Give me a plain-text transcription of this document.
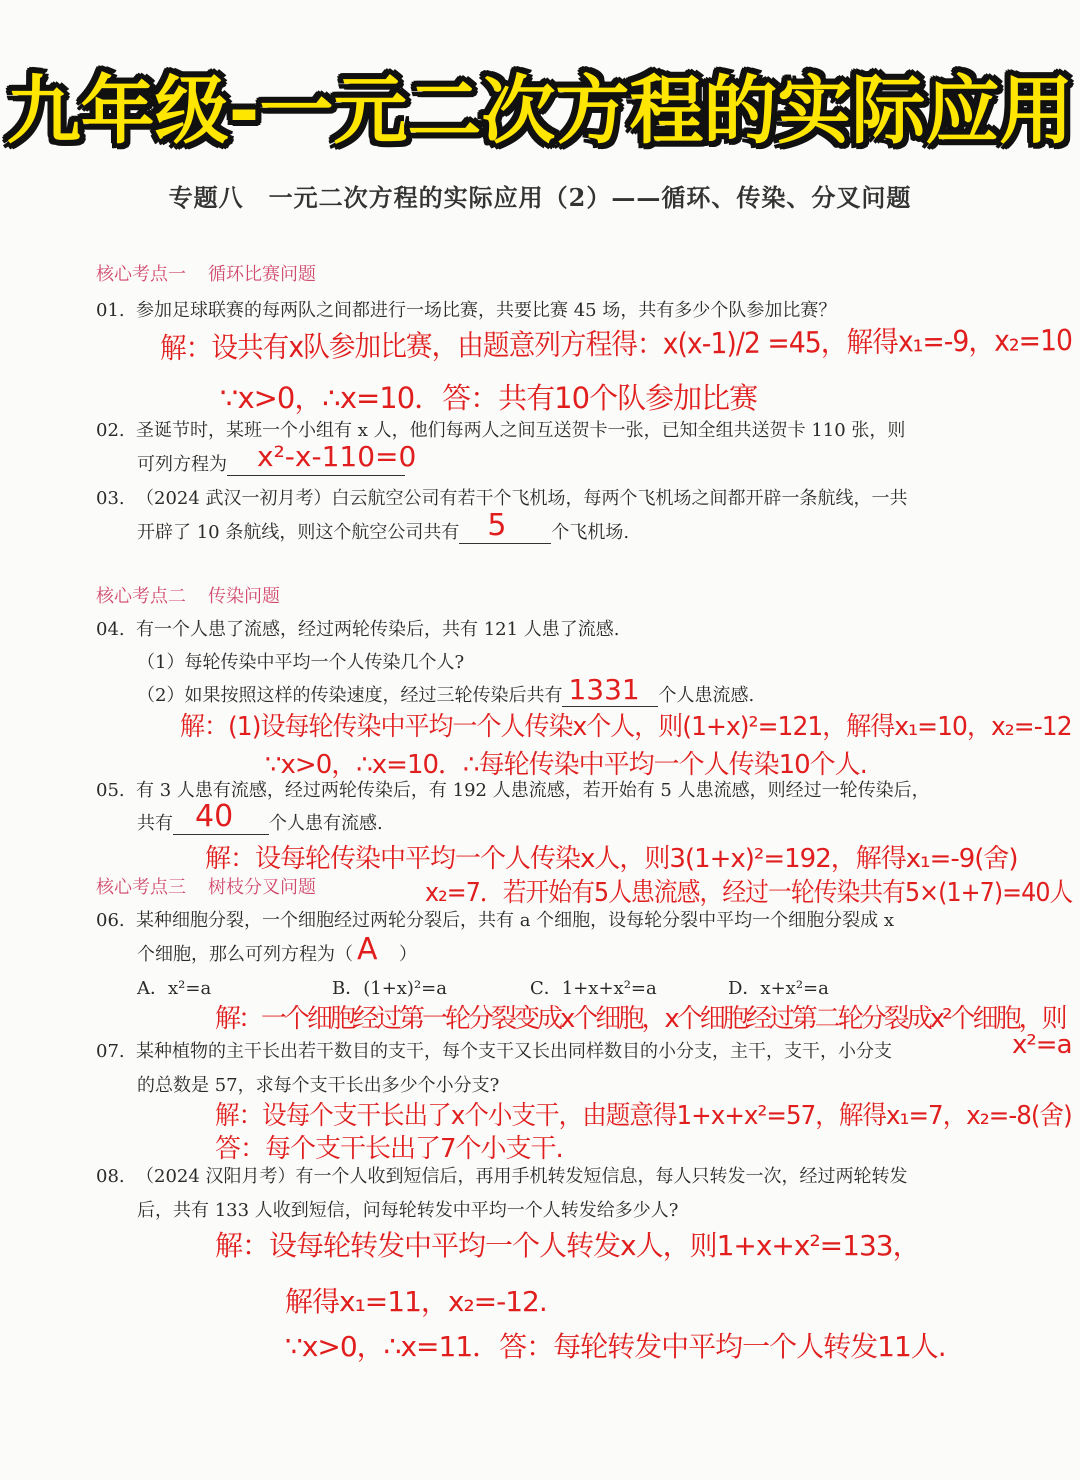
九年级-一元二次方程的实际应用
专题八　一元二次方程的实际应用（2）——循环、传染、分叉问题
核心考点一 循环比赛问题
01. 参加足球联赛的每两队之间都进行一场比赛，共要比赛 45 场，共有多少个队参加比赛？
解：设共有x队参加比赛，由题意列方程得：x(x-1)/2 =45，解得x₁=-9，x₂=10
∵x>0，∴x=10．答：共有10个队参加比赛
02. 圣诞节时，某班一个小组有 x 人，他们每两人之间互送贺卡一张，已知全组共送贺卡 110 张，则
可列方程为 x²-x-110=0

03. （2024 武汉一初月考）白云航空公司有若干个飞机场，每两个飞机场之间都开辟一条航线，一共
开辟了 10 条航线，则这个航空公司共有 5 个飞机场.
核心考点二 传染问题
04. 有一个人患了流感，经过两轮传染后，共有 121 人患了流感.
（1）每轮传染中平均一个人传染几个人?
（2）如果按照这样的传染速度，经过三轮传染后共有 1331 个人患流感.
解：(1)设每轮传染中平均一个人传染x个人，则(1+x)²=121，解得x₁=10，x₂=-12
∵x>0，∴x=10．∴每轮传染中平均一个人传染10个人.
05. 有 3 人患有流感，经过两轮传染后，有 192 人患流感，若开始有 5 人患流感，则经过一轮传染后，
共有 40 个人患有流感.
解：设每轮传染中平均一个人传染x人，则3(1+x)²=192，解得x₁=-9(舍)
核心考点三 树枝分叉问题	x₂=7．若开始有5人患流感，经过一轮传染共有5×(1+7)=40人
06. 某种细胞分裂，一个细胞经过两轮分裂后，共有 a 个细胞，设每轮分裂中平均一个细胞分裂成 x
个细胞，那么可列方程为（ A ）
A．x²=a	B．(1+x)²=a	C．1+x+x²=a	D．x+x²=a
解：一个细胞经过第一轮分裂变成x个细胞，x个细胞经过第二轮分裂成x²个细胞，则
07. 某种植物的主干长出若干数目的支干，每个支干又长出同样数目的小分支，主干，支干，小分支	x²=a
的总数是 57，求每个支干长出多少个小分支?
解：设每个支干长出了x个小支干，由题意得1+x+x²=57，解得x₁=7，x₂=-8(舍)
答：每个支干长出了7个小支干.
08. （2024 汉阳月考）有一个人收到短信后，再用手机转发短信息，每人只转发一次，经过两轮转发
后，共有 133 人收到短信，问每轮转发中平均一个人转发给多少人?
解：设每轮转发中平均一个人转发x人，则1+x+x²=133，
解得x₁=11，x₂=-12.
∵x>0，∴x=11．答：每轮转发中平均一个人转发11人.
